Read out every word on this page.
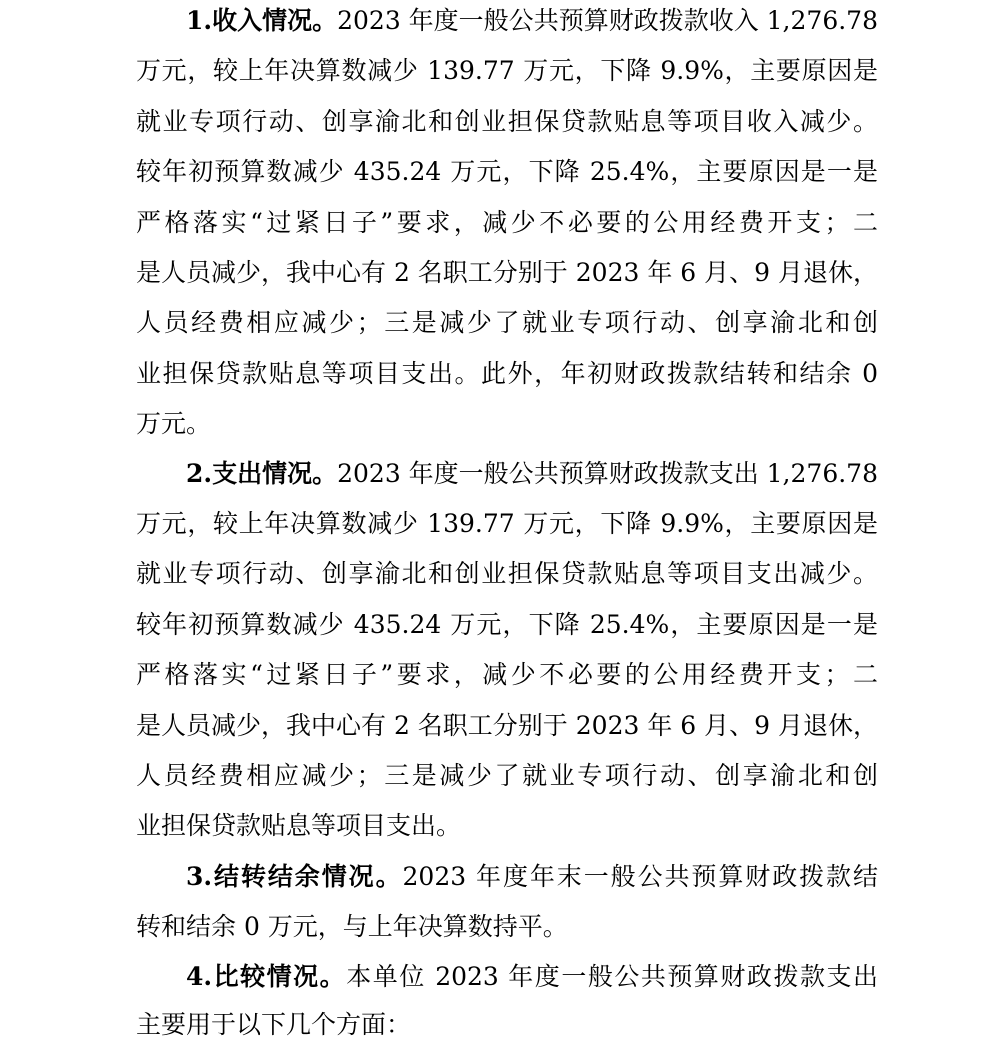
1.收入情况。2023 年度一般公共预算财政拨款收入 1,276.78
万元，较上年决算数减少 139.77 万元，下降 9.9%，主要原因是
就业专项行动、创享渝北和创业担保贷款贴息等项目收入减少。
较年初预算数减少 435.24 万元，下降 25.4%，主要原因是一是
严格落实“过紧日子”要求，减少不必要的公用经费开支；二
是人员减少，我中心有 2 名职工分别于 2023 年 6 月、9 月退休，
人员经费相应减少；三是减少了就业专项行动、创享渝北和创
业担保贷款贴息等项目支出。此外，年初财政拨款结转和结余 0
万元。
2.支出情况。2023 年度一般公共预算财政拨款支出 1,276.78
万元，较上年决算数减少 139.77 万元，下降 9.9%，主要原因是
就业专项行动、创享渝北和创业担保贷款贴息等项目支出减少。
较年初预算数减少 435.24 万元，下降 25.4%，主要原因是一是
严格落实“过紧日子”要求，减少不必要的公用经费开支；二
是人员减少，我中心有 2 名职工分别于 2023 年 6 月、9 月退休，
人员经费相应减少；三是减少了就业专项行动、创享渝北和创
业担保贷款贴息等项目支出。
3.结转结余情况。2023 年度年末一般公共预算财政拨款结
转和结余 0 万元，与上年决算数持平。
4.比较情况。本单位 2023 年度一般公共预算财政拨款支出
主要用于以下几个方面：
